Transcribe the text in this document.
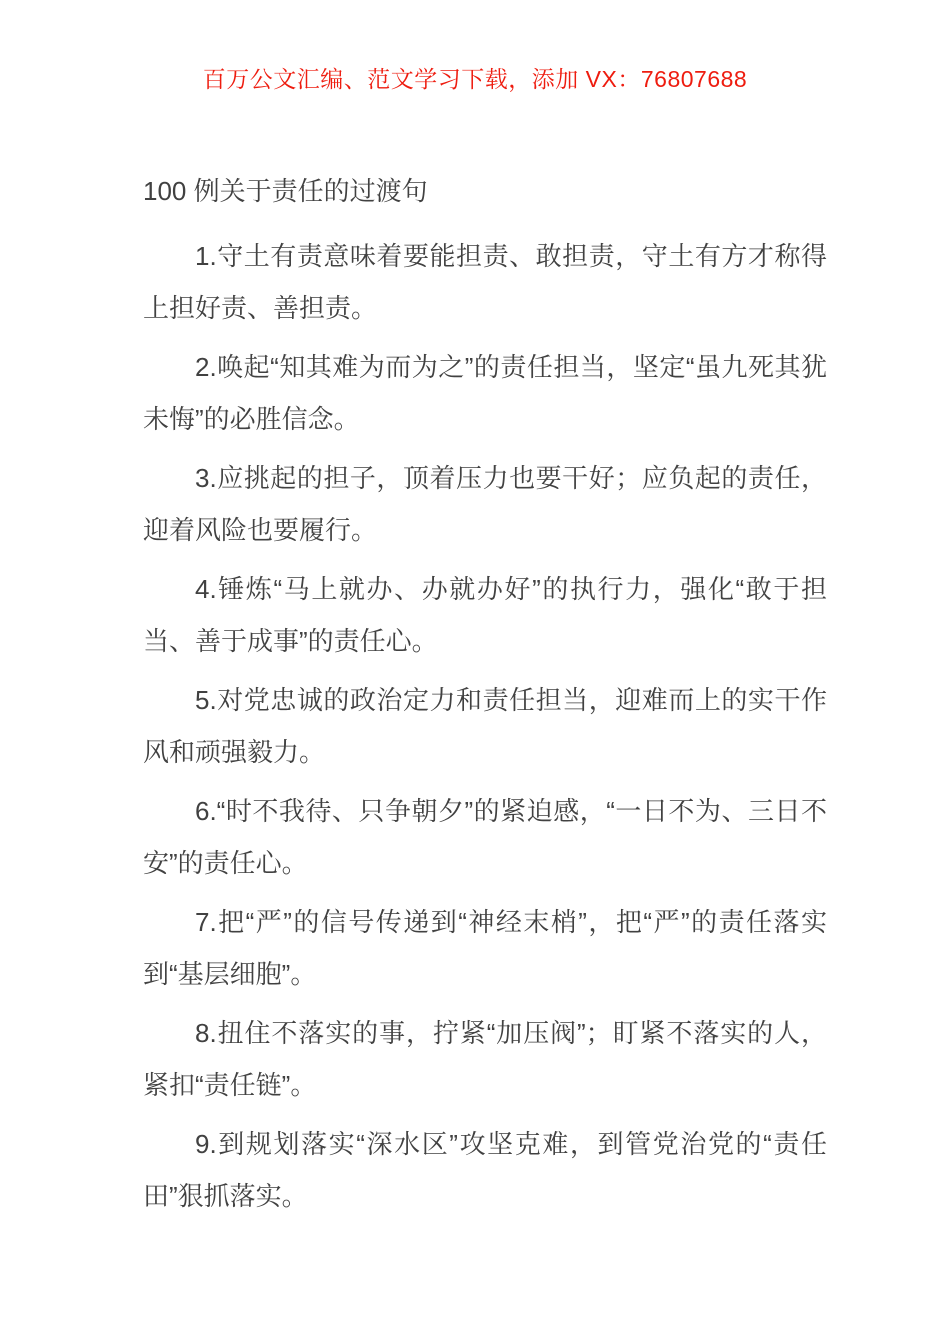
百万公文汇编、范文学习下载，添加 VX：76807688
100 例关于责任的过渡句

1.守土有责意味着要能担责、敢担责，守土有方才称得上担好责、善担责。

2.唤起“知其难为而为之”的责任担当，坚定“虽九死其犹未悔”的必胜信念。

3.应挑起的担子，顶着压力也要干好；应负起的责任，迎着风险也要履行。

4.锤炼“马上就办、办就办好”的执行力，强化“敢于担当、善于成事”的责任心。

5.对党忠诚的政治定力和责任担当，迎难而上的实干作风和顽强毅力。

6.“时不我待、只争朝夕”的紧迫感，“一日不为、三日不安”的责任心。

7.把“严”的信号传递到“神经末梢”，把“严”的责任落实到“基层细胞”。

8.扭住不落实的事，拧紧“加压阀”；盯紧不落实的人，紧扣“责任链”。

9.到规划落实“深水区”攻坚克难，到管党治党的“责任田”狠抓落实。
